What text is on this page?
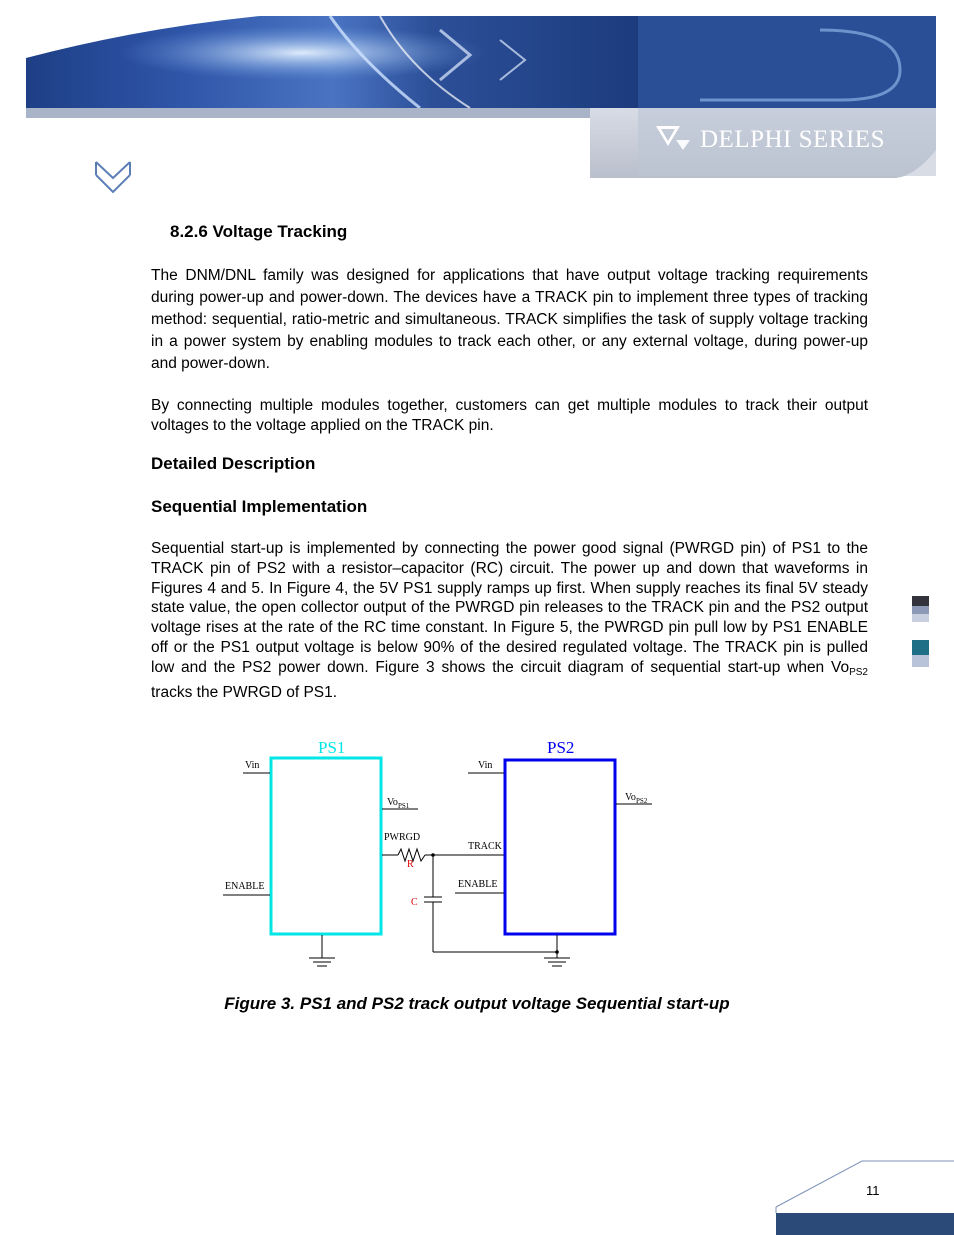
DELPHI SERIES
8.2.6 Voltage Tracking

The DNM/DNL family was designed for applications that have output voltage tracking requirements during power-up and power-down. The devices have a TRACK pin to implement three types of tracking method: sequential, ratio-metric and simultaneous. TRACK simplifies the task of supply voltage tracking in a power system by enabling modules to track each other, or any external voltage, during power-up and power-down.

By connecting multiple modules together, customers can get multiple modules to track their output voltages to the voltage applied on the TRACK pin.

Detailed Description
Sequential Implementation

Sequential start-up is implemented by connecting the power good signal (PWRGD pin) of PS1 to the TRACK pin of PS2 with a resistor–capacitor (RC) circuit. The power up and down that waveforms in Figures 4 and 5. In Figure 4, the 5V PS1 supply ramps up first. When supply reaches its final 5V steady state value, the open collector output of the PWRGD pin releases to the TRACK pin and the PS2 output voltage rises at the rate of the RC time constant. In Figure 5, the PWRGD pin pull low by PS1 ENABLE off or the PS1 output voltage is below 90% of the desired regulated voltage. The TRACK pin is pulled low and the PS2 power down. Figure 3 shows the circuit diagram of sequential start-up when $Vo_{PS2}$ tracks the PWRGD of PS1.

PS1
Vin
ENABLE
$Vo_{PS1}$
PWRGD
R
C
PS2
Vin
TRACK
ENABLE
$Vo_{PS2}$
Figure 3. PS1 and PS2 track output voltage Sequential start-up
11
